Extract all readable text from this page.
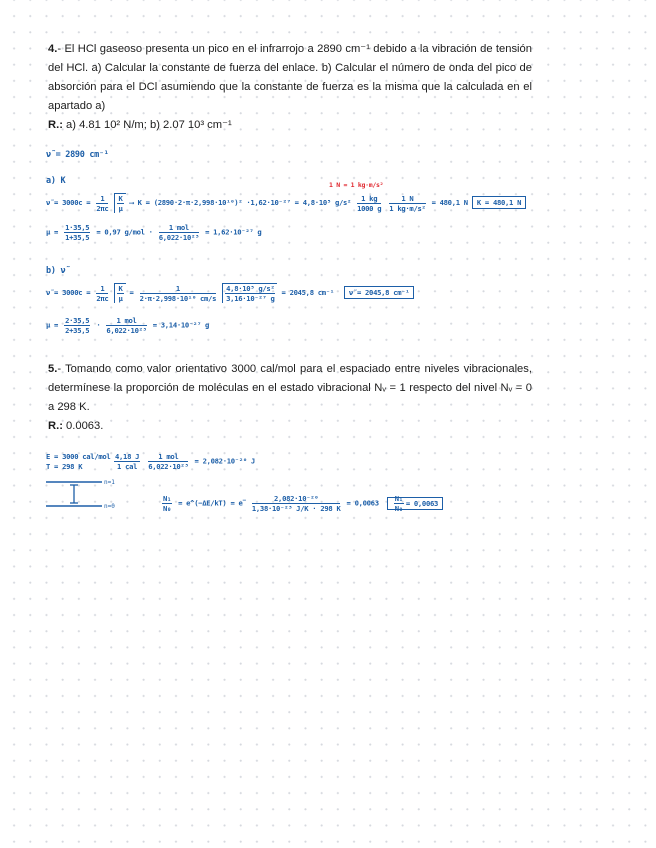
4.- El HCl gaseoso presenta un pico en el infrarrojo a 2890 cm⁻¹ debido a la vibración de tensión del HCl. a) Calcular la constante de fuerza del enlace. b) Calcular el número de onda del pico de absorción para el DCl asumiendo que la constante de fuerza es la misma que la calculada en el apartado a)

R.: a) 4.81 10² N/m; b) 2.07 10³ cm⁻¹

ν̃ = 2890 cm⁻¹
a) K	1 N = 1 kg·m/s²
ν̃ = $3000c = \frac{1}{2\pi c}$
$\frac{K}{\mu}$ ⟶ K = (2890·2·π·2,998·10¹⁰)² ·1,62·10⁻²⁷ = 4,8·10⁵ $g/s^2 \frac{1 kg}{1000 g}$
$\frac{1 N}{\text{1 kg·m/s²}} = 480,1$ N K = 480,1 N
$\mu = \frac{1\cdot 35,5}{1+35,5} = 0,97$ $g/mol \cdot \frac{\text{1 mol}}{\text{6,022·10²³}} = 1,62\cdot 10^{-27}$ g
b) ν̃
ν̃ = $3000c = \frac{1}{2\pi c}$
$\frac{K}{\mu} = \frac{1}{\text{2·π·2,998·10¹⁰ cm/s}}$
$\frac{\text{4,8·10⁵ g/s²}}{\text{3,16·10⁻²⁷ g}} = 2045,8$ cm⁻¹ ν̃ = 2045,8 cm⁻¹
$\mu = \frac{2\cdot 35,5}{2+35,5} \cdot \frac{\text{1 mol}}{\text{6,022·10²³}} = 3,14\cdot 10^{-27}$ g

5.- Tomando como valor orientativo 3000 cal/mol para el espaciado entre niveles vibracionales, determínese la proporción de moléculas en el estado vibracional Nᵥ = 1 respecto del nivel Nᵥ = 0 a 298 K.

R.: 0.0063.

E = 3000 cal/mol
T = 298 K	$\frac{4,18 J}{\text{1 cal}}$
$\frac{\text{1 mol}}{\text{6,022·10²³}} = 2,082\cdot 10^{-20}$ J
n=1
n=0	$\frac{\text{N₁}}{\text{N₀}}$ = e^(−ΔE/kT) = $e^- \frac{\text{2,082·10⁻²⁰}}{\text{1,38·10⁻²³ J/K · 298 K}} = 0,0063 \frac{\text{N₁}}{\text{N₀}} = 0,0063$
